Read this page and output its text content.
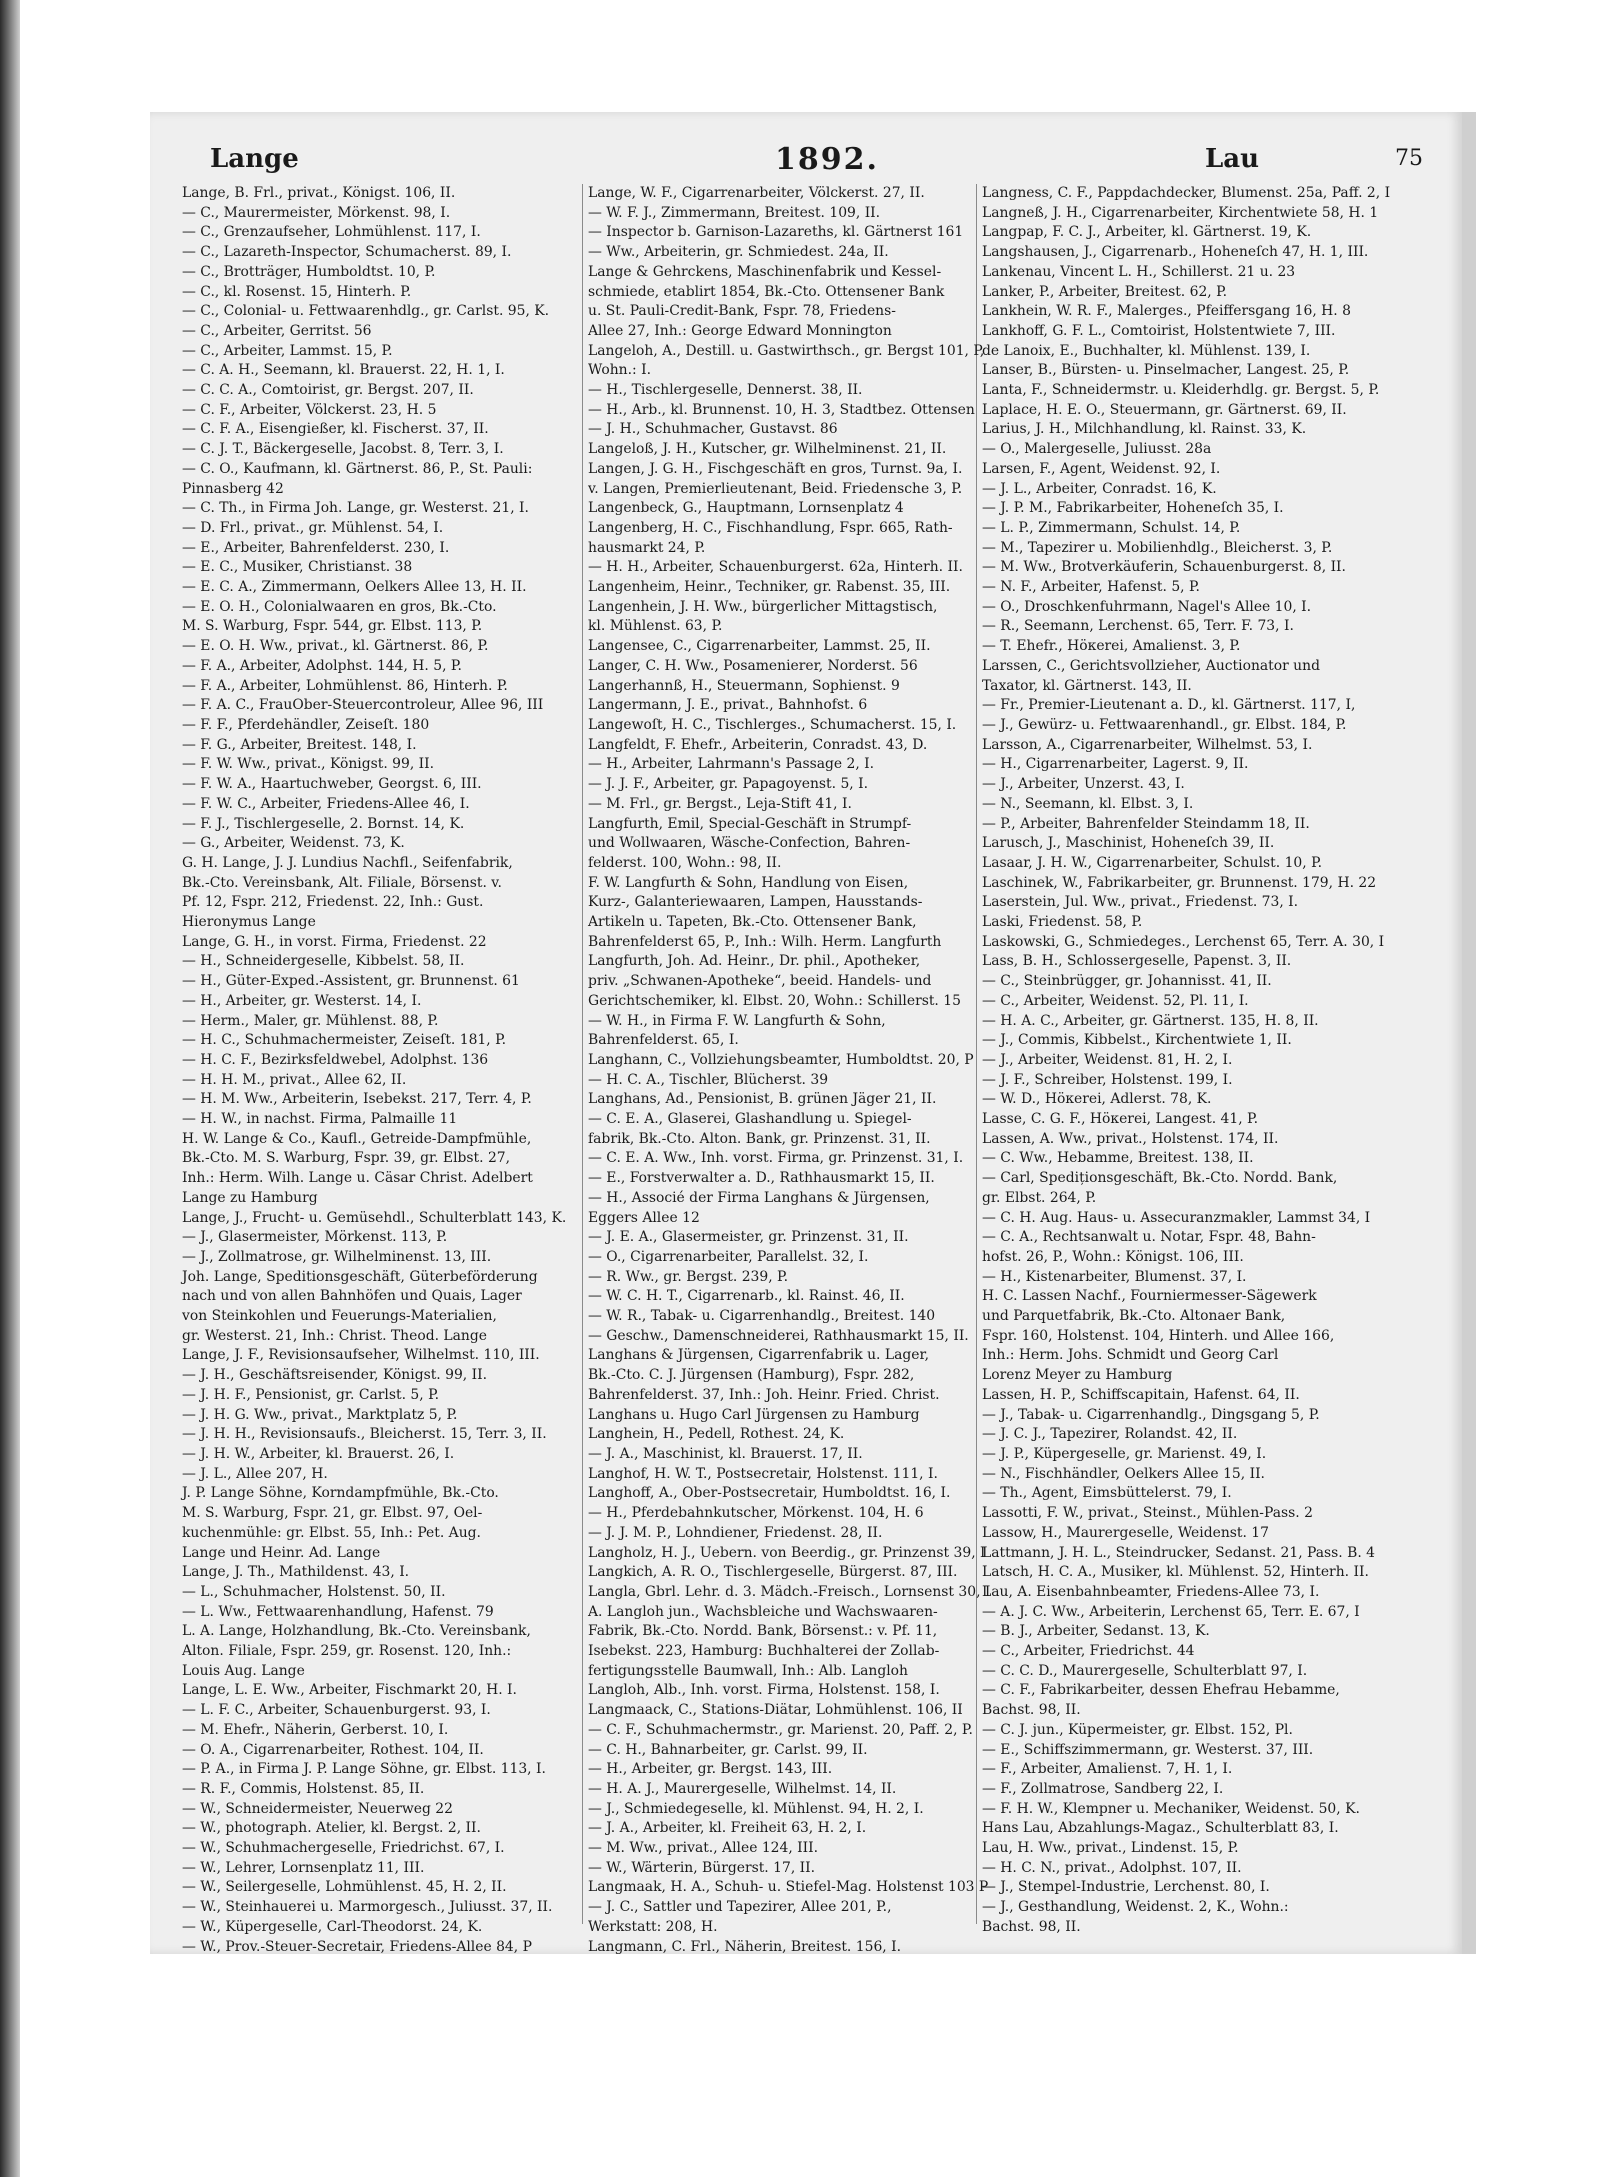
Lange	1892.	Lau	75
Lange, B. Frl., privat., Königst. 106, II.
— C., Maurermeister, Mörkenst. 98, I.
— C., Grenzaufseher, Lohmühlenst. 117, I.
— C., Lazareth-Inspector, Schumacherst. 89, I.
— C., Brotträger, Humboldtst. 10, P.
— C., kl. Rosenst. 15, Hinterh. P.
— C., Colonial- u. Fettwaarenhdlg., gr. Carlst. 95, K.
— C., Arbeiter, Gerritst. 56
— C., Arbeiter, Lammst. 15, P.
— C. A. H., Seemann, kl. Brauerst. 22, H. 1, I.
— C. C. A., Comtoirist, gr. Bergst. 207, II.
— C. F., Arbeiter, Völckerst. 23, H. 5
— C. F. A., Eisengießer, kl. Fischerst. 37, II.
— C. J. T., Bäckergeselle, Jacobst. 8, Terr. 3, I.
— C. O., Kaufmann, kl. Gärtnerst. 86, P., St. Pauli:
Pinnasberg 42
— C. Th., in Firma Joh. Lange, gr. Westerst. 21, I.
— D. Frl., privat., gr. Mühlenst. 54, I.
— E., Arbeiter, Bahrenfelderst. 230, I.
— E. C., Musiker, Christianst. 38
— E. C. A., Zimmermann, Oelkers Allee 13, H. II.
— E. O. H., Colonialwaaren en gros, Bk.-Cto.
M. S. Warburg, Fspr. 544, gr. Elbst. 113, P.
— E. O. H. Ww., privat., kl. Gärtnerst. 86, P.
— F. A., Arbeiter, Adolphst. 144, H. 5, P.
— F. A., Arbeiter, Lohmühlenst. 86, Hinterh. P.
— F. A. C., FrauOber-Steuercontroleur, Allee 96, III
— F. F., Pferdehändler, Zeiseſt. 180
— F. G., Arbeiter, Breitest. 148, I.
— F. W. Ww., privat., Königst. 99, II.
— F. W. A., Haartuchweber, Georgst. 6, III.
— F. W. C., Arbeiter, Friedens-Allee 46, I.
— F. J., Tischlergeselle, 2. Bornst. 14, K.
— G., Arbeiter, Weidenst. 73, K.
G. H. Lange, J. J. Lundius Nachfl., Seifenfabrik,
Bk.-Cto. Vereinsbank, Alt. Filiale, Börsenst. v.
Pf. 12, Fspr. 212, Friedenst. 22, Inh.: Gust.
Hieronymus Lange
Lange, G. H., in vorst. Firma, Friedenst. 22
— H., Schneidergeselle, Kibbelst. 58, II.
— H., Güter-Exped.-Assistent, gr. Brunnenst. 61
— H., Arbeiter, gr. Westerst. 14, I.
— Herm., Maler, gr. Mühlenst. 88, P.
— H. C., Schuhmachermeister, Zeiseſt. 181, P.
— H. C. F., Bezirksfeldwebel, Adolphst. 136
— H. H. M., privat., Allee 62, II.
— H. M. Ww., Arbeiterin, Isebekst. 217, Terr. 4, P.
— H. W., in nachst. Firma, Palmaille 11
H. W. Lange & Co., Kaufl., Getreide-Dampfmühle,
Bk.-Cto. M. S. Warburg, Fspr. 39, gr. Elbst. 27,
Inh.: Herm. Wilh. Lange u. Cäsar Christ. Adelbert
Lange zu Hamburg
Lange, J., Frucht- u. Gemüsehdl., Schulterblatt 143, K.
— J., Glasermeister, Mörkenst. 113, P.
— J., Zollmatrose, gr. Wilhelminenst. 13, III.
Joh. Lange, Speditionsgeschäft, Güterbeförderung
nach und von allen Bahnhöfen und Quais, Lager
von Steinkohlen und Feuerungs-Materialien,
gr. Westerst. 21, Inh.: Christ. Theod. Lange
Lange, J. F., Revisionsaufseher, Wilhelmst. 110, III.
— J. H., Geschäftsreisender, Königst. 99, II.
— J. H. F., Pensionist, gr. Carlst. 5, P.
— J. H. G. Ww., privat., Marktplatz 5, P.
— J. H. H., Revisionsaufs., Bleicherst. 15, Terr. 3, II.
— J. H. W., Arbeiter, kl. Brauerst. 26, I.
— J. L., Allee 207, H.
J. P. Lange Söhne, Korndampfmühle, Bk.-Cto.
M. S. Warburg, Fspr. 21, gr. Elbst. 97, Oel-
kuchenmühle: gr. Elbst. 55, Inh.: Pet. Aug.
Lange und Heinr. Ad. Lange
Lange, J. Th., Mathildenst. 43, I.
— L., Schuhmacher, Holstenst. 50, II.
— L. Ww., Fettwaarenhandlung, Hafenst. 79
L. A. Lange, Holzhandlung, Bk.-Cto. Vereinsbank,
Alton. Filiale, Fspr. 259, gr. Rosenst. 120, Inh.:
Louis Aug. Lange
Lange, L. E. Ww., Arbeiter, Fischmarkt 20, H. I.
— L. F. C., Arbeiter, Schauenburgerst. 93, I.
— M. Ehefr., Näherin, Gerberst. 10, I.
— O. A., Cigarrenarbeiter, Rothest. 104, II.
— P. A., in Firma J. P. Lange Söhne, gr. Elbst. 113, I.
— R. F., Commis, Holstenst. 85, II.
— W., Schneidermeister, Neuerweg 22
— W., photograph. Atelier, kl. Bergst. 2, II.
— W., Schuhmachergeselle, Friedrichst. 67, I.
— W., Lehrer, Lornsenplatz 11, III.
— W., Seilergeselle, Lohmühlenst. 45, H. 2, II.
— W., Steinhauerei u. Marmorgesch., Juliusst. 37, II.
— W., Küpergeselle, Carl-Theodorst. 24, K.
— W., Prov.-Steuer-Secretair, Friedens-Allee 84, P
Lange, W. F., Cigarrenarbeiter, Völckerst. 27, II.
— W. F. J., Zimmermann, Breitest. 109, II.
— Inspector b. Garnison-Lazareths, kl. Gärtnerst 161
— Ww., Arbeiterin, gr. Schmiedest. 24a, II.
Lange & Gehrckens, Maschinenfabrik und Kessel-
schmiede, etablirt 1854, Bk.-Cto. Ottensener Bank
u. St. Pauli-Credit-Bank, Fspr. 78, Friedens-
Allee 27, Inh.: George Edward Monnington
Langeloh, A., Destill. u. Gastwirthsch., gr. Bergst 101, P,
Wohn.: I.
— H., Tischlergeselle, Dennerst. 38, II.
— H., Arb., kl. Brunnenst. 10, H. 3, Stadtbez. Ottensen
— J. H., Schuhmacher, Gustavst. 86
Langeloß, J. H., Kutscher, gr. Wilhelminenst. 21, II.
Langen, J. G. H., Fischgeschäft en gros, Turnst. 9a, I.
v. Langen, Premierlieutenant, Beid. Friedensche 3, P.
Langenbeck, G., Hauptmann, Lornsenplatz 4
Langenberg, H. C., Fischhandlung, Fspr. 665, Rath-
hausmarkt 24, P.
— H. H., Arbeiter, Schauenburgerst. 62a, Hinterh. II.
Langenheim, Heinr., Techniker, gr. Rabenst. 35, III.
Langenhein, J. H. Ww., bürgerlicher Mittagstisch,
kl. Mühlenst. 63, P.
Langensee, C., Cigarrenarbeiter, Lammst. 25, II.
Langer, C. H. Ww., Posamenierer, Norderst. 56
Langerhannß, H., Steuermann, Sophienst. 9
Langermann, J. E., privat., Bahnhofst. 6
Langewoſt, H. C., Tischlerges., Schumacherst. 15, I.
Langfeldt, F. Ehefr., Arbeiterin, Conradst. 43, D.
— H., Arbeiter, Lahrmann's Passage 2, I.
— J. J. F., Arbeiter, gr. Papagoyenst. 5, I.
— M. Frl., gr. Bergst., Leja-Stift 41, I.
Langfurth, Emil, Special-Geschäft in Strumpf-
und Wollwaaren, Wäsche-Confection, Bahren-
felderst. 100, Wohn.: 98, II.
F. W. Langfurth & Sohn, Handlung von Eisen,
Kurz-, Galanteriewaaren, Lampen, Hausstands-
Artikeln u. Tapeten, Bk.-Cto. Ottensener Bank,
Bahrenfelderst 65, P., Inh.: Wilh. Herm. Langfurth
Langfurth, Joh. Ad. Heinr., Dr. phil., Apotheker,
priv. „Schwanen-Apotheke“, beeid. Handels- und
Gerichtschemiker, kl. Elbst. 20, Wohn.: Schillerst. 15
— W. H., in Firma F. W. Langfurth & Sohn,
Bahrenfelderst. 65, I.
Langhann, C., Vollziehungsbeamter, Humboldtst. 20, P
— H. C. A., Tischler, Blücherst. 39
Langhans, Ad., Pensionist, B. grünen Jäger 21, II.
— C. E. A., Glaserei, Glashandlung u. Spiegel-
fabrik, Bk.-Cto. Alton. Bank, gr. Prinzenst. 31, II.
— C. E. A. Ww., Inh. vorst. Firma, gr. Prinzenst. 31, I.
— E., Forstverwalter a. D., Rathhausmarkt 15, II.
— H., Associé der Firma Langhans & Jürgensen,
Eggers Allee 12
— J. E. A., Glasermeister, gr. Prinzenst. 31, II.
— O., Cigarrenarbeiter, Parallelst. 32, I.
— R. Ww., gr. Bergst. 239, P.
— W. C. H. T., Cigarrenarb., kl. Rainst. 46, II.
— W. R., Tabak- u. Cigarrenhandlg., Breitest. 140
— Geschw., Damenschneiderei, Rathhausmarkt 15, II.
Langhans & Jürgensen, Cigarrenfabrik u. Lager,
Bk.-Cto. C. J. Jürgensen (Hamburg), Fspr. 282,
Bahrenfelderst. 37, Inh.: Joh. Heinr. Fried. Christ.
Langhans u. Hugo Carl Jürgensen zu Hamburg
Langhein, H., Pedell, Rothest. 24, K.
— J. A., Maschinist, kl. Brauerst. 17, II.
Langhof, H. W. T., Postsecretair, Holstenst. 111, I.
Langhoff, A., Ober-Postsecretair, Humboldtst. 16, I.
— H., Pferdebahnkutscher, Mörkenst. 104, H. 6
— J. J. M. P., Lohndiener, Friedenst. 28, II.
Langholz, H. J., Uebern. von Beerdig., gr. Prinzenst 39, I
Langkich, A. R. O., Tischlergeselle, Bürgerst. 87, III.
Langla, Gbrl. Lehr. d. 3. Mädch.-Freisch., Lornsenst 30, I
A. Langloh jun., Wachsbleiche und Wachswaaren-
Fabrik, Bk.-Cto. Nordd. Bank, Börsenst.: v. Pf. 11,
Isebekst. 223, Hamburg: Buchhalterei der Zollab-
fertigungsstelle Baumwall, Inh.: Alb. Langloh
Langloh, Alb., Inh. vorst. Firma, Holstenst. 158, I.
Langmaack, C., Stations-Diätar, Lohmühlenst. 106, II
— C. F., Schuhmachermstr., gr. Marienst. 20, Paff. 2, P.
— C. H., Bahnarbeiter, gr. Carlst. 99, II.
— H., Arbeiter, gr. Bergst. 143, III.
— H. A. J., Maurergeselle, Wilhelmst. 14, II.
— J., Schmiedegeselle, kl. Mühlenst. 94, H. 2, I.
— J. A., Arbeiter, kl. Freiheit 63, H. 2, I.
— M. Ww., privat., Allee 124, III.
— W., Wärterin, Bürgerst. 17, II.
Langmaak, H. A., Schuh- u. Stiefel-Mag. Holstenst 103 P
— J. C., Sattler und Tapezirer, Allee 201, P.,
Werkstatt: 208, H.
Langmann, C. Frl., Näherin, Breitest. 156, I.
Langness, C. F., Pappdachdecker, Blumenst. 25a, Paff. 2, I
Langneß, J. H., Cigarrenarbeiter, Kirchentwiete 58, H. 1
Langpap, F. C. J., Arbeiter, kl. Gärtnerst. 19, K.
Langshausen, J., Cigarrenarb., Hoheneſch 47, H. 1, III.
Lankenau, Vincent L. H., Schillerst. 21 u. 23
Lanker, P., Arbeiter, Breitest. 62, P.
Lankhein, W. R. F., Malerges., Pfeiffersgang 16, H. 8
Lankhoff, G. F. L., Comtoirist, Holstentwiete 7, III.
de Lanoix, E., Buchhalter, kl. Mühlenst. 139, I.
Lanser, B., Bürsten- u. Pinselmacher, Langest. 25, P.
Lanta, F., Schneidermstr. u. Kleiderhdlg. gr. Bergst. 5, P.
Laplace, H. E. O., Steuermann, gr. Gärtnerst. 69, II.
Larius, J. H., Milchhandlung, kl. Rainst. 33, K.
— O., Malergeselle, Juliusst. 28a
Larsen, F., Agent, Weidenst. 92, I.
— J. L., Arbeiter, Conradst. 16, K.
— J. P. M., Fabrikarbeiter, Hoheneſch 35, I.
— L. P., Zimmermann, Schulst. 14, P.
— M., Tapezirer u. Mobilienhdlg., Bleicherst. 3, P.
— M. Ww., Brotverkäuferin, Schauenburgerst. 8, II.
— N. F., Arbeiter, Hafenst. 5, P.
— O., Droschkenfuhrmann, Nagel's Allee 10, I.
— R., Seemann, Lerchenst. 65, Terr. F. 73, I.
— T. Ehefr., Höкerei, Amalienst. 3, P.
Larssen, C., Gerichtsvollzieher, Auctionator und
Taxator, kl. Gärtnerst. 143, II.
— Fr., Premier-Lieutenant a. D., kl. Gärtnerst. 117, I,
— J., Gewürz- u. Fettwaarenhandl., gr. Elbst. 184, P.
Larsson, A., Cigarrenarbeiter, Wilhelmst. 53, I.
— H., Cigarrenarbeiter, Lagerst. 9, II.
— J., Arbeiter, Unzerst. 43, I.
— N., Seemann, kl. Elbst. 3, I.
— P., Arbeiter, Bahrenfelder Steindamm 18, II.
Larusch, J., Maschinist, Hoheneſch 39, II.
Lasaar, J. H. W., Cigarrenarbeiter, Schulst. 10, P.
Laschinek, W., Fabrikarbeiter, gr. Brunnenst. 179, H. 22
Laserstein, Jul. Ww., privat., Friedenst. 73, I.
Laski, Friedenst. 58, P.
Laskowski, G., Schmiedeges., Lerchenst 65, Terr. A. 30, I
Lass, B. H., Schlossergeselle, Papenst. 3, II.
— C., Steinbrügger, gr. Johannisst. 41, II.
— C., Arbeiter, Weidenst. 52, Pl. 11, I.
— H. A. C., Arbeiter, gr. Gärtnerst. 135, H. 8, II.
— J., Commis, Kibbelst., Kirchentwiete 1, II.
— J., Arbeiter, Weidenst. 81, H. 2, I.
— J. F., Schreiber, Holstenst. 199, I.
— W. D., Höкerei, Adlerst. 78, K.
Lasse, C. G. F., Höкerei, Langest. 41, P.
Lassen, A. Ww., privat., Holstenst. 174, II.
— C. Ww., Hebamme, Breitest. 138, II.
— Carl, Spediționsgeschäft, Bk.-Cto. Nordd. Bank,
gr. Elbst. 264, P.
— C. H. Aug. Haus- u. Assecuranzmakler, Lammst 34, I
— C. A., Rechtsanwalt u. Notar, Fspr. 48, Bahn-
hofst. 26, P., Wohn.: Königst. 106, III.
— H., Kistenarbeiter, Blumenst. 37, I.
H. C. Lassen Nachf., Fourniermesser-Sägewerk
und Parquetfabrik, Bk.-Cto. Altonaer Bank,
Fspr. 160, Holstenst. 104, Hinterh. und Allee 166,
Inh.: Herm. Johs. Schmidt und Georg Carl
Lorenz Meyer zu Hamburg
Lassen, H. P., Schiffscapitain, Hafenst. 64, II.
— J., Tabak- u. Cigarrenhandlg., Dingsgang 5, P.
— J. C. J., Tapezirer, Rolandst. 42, II.
— J. P., Küpergeselle, gr. Marienst. 49, I.
— N., Fischhändler, Oelkers Allee 15, II.
— Th., Agent, Eimsbüttelerst. 79, I.
Lassotti, F. W., privat., Steinst., Mühlen-Pass. 2
Lassow, H., Maurergeselle, Weidenst. 17
Lattmann, J. H. L., Steindrucker, Sedanst. 21, Pass. B. 4
Latsch, H. C. A., Musiker, kl. Mühlenst. 52, Hinterh. II.
Lau, A. Eisenbahnbeamter, Friedens-Allee 73, I.
— A. J. C. Ww., Arbeiterin, Lerchenst 65, Terr. E. 67, I
— B. J., Arbeiter, Sedanst. 13, K.
— C., Arbeiter, Friedrichst. 44
— C. C. D., Maurergeselle, Schulterblatt 97, I.
— C. F., Fabrikarbeiter, dessen Ehefrau Hebamme,
Bachst. 98, II.
— C. J. jun., Küpermeister, gr. Elbst. 152, Pl.
— E., Schiffszimmermann, gr. Westerst. 37, III.
— F., Arbeiter, Amalienst. 7, H. 1, I.
— F., Zollmatrose, Sandberg 22, I.
— F. H. W., Klempner u. Mechaniker, Weidenst. 50, K.
Hans Lau, Abzahlungs-Magaz., Schulterblatt 83, I.
Lau, H. Ww., privat., Lindenst. 15, P.
— H. C. N., privat., Adolphst. 107, II.
— J., Stempel-Industrie, Lerchenst. 80, I.
— J., Gesthandlung, Weidenst. 2, K., Wohn.:
Bachst. 98, II.
